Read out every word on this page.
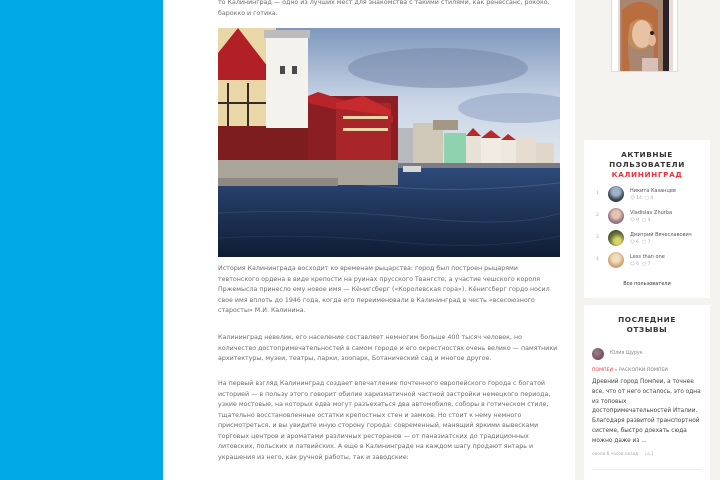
то Калининград — одно из лучших мест для знакомства с такими стилями, как ренессанс, рококо, барокко и готика.

История Калининграда восходит ко временам рыцарства: город был построен рыцарями тевтонского ордена в виде крепости на руинах прусского Твангсте, а участие чешского короля Пржемысла принесло ему новое имя — Кёнигсберг («Королевская гора»). Кёнигсберг гордо носил свое имя вплоть до 1946 года, когда его переименовали в Калининград в честь «всесоюзного старосты» М.И. Калинина.

Калининград невелик, его население составляет немногим больше 400 тысяч человек, но количество достопримечательностей в самом городе и его окрестностях очень велико — памятники архитектуры, музеи, театры, парки, зоопарк, Ботанический сад и многое другое.

На первый взгляд Калининград создает впечатление почтенного европейского города с богатой историей — в пользу этого говорит обилие харизматичной частной застройки немецкого периода, узкие мостовые, на которых едва могут разъехаться два автомобиля, соборы в готическом стиле, тщательно восстановленные остатки крепостных стен и замков. Но стоит к нему немного присмотреться, и вы увидите иную сторону города: современный, манящий яркими вывесками торговых центров и ароматами различных ресторанов — от паназиатских до традиционных литовских, польских и латвийских. А еще в Калининграде на каждом шагу продают янтарь и украшения из него, как ручной работы, так и заводские:

АКТИВНЫЕ
ПОЛЬЗОВАТЕЛИ
КАЛИНИНГРАД
1	Никита Казанцев
☺ 14 ▢ 4
2	Vladislav Zhurba
☺ 9 ▢ 4
3	Дмитрий Вячеславович
☺ 6 ▢ 7
4	Less than one
☺ 6 ▢ 7
Все пользователи
ПОСЛЕДНИЕ
ОТЗЫВЫ
Юлия Щурук
ПОМПЕИ » РАСКОПКИ ПОМПЕИ
Древний город Помпеи, а точнее все, что от него осталось, это одна из топовых достопримечательностей Италии. Благодаря развитой транспортной системе, быстро доехать сюда можно даже из ...
около 6 часов назад 👍︎ 1
